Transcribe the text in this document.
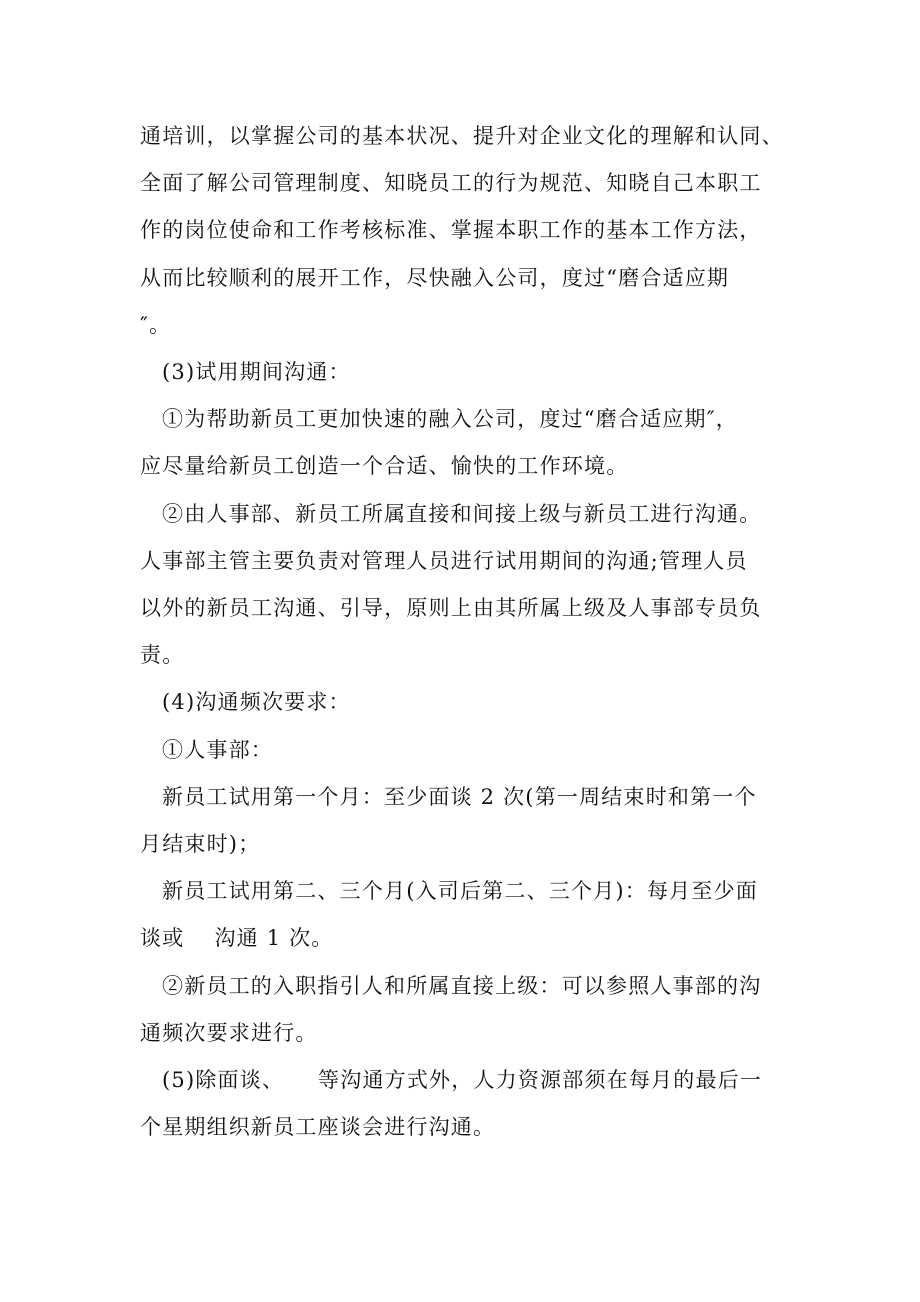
通培训，以掌握公司的基本状况、提升对企业文化的理解和认同、
全面了解公司管理制度、知晓员工的行为规范、知晓自己本职工
作的岗位使命和工作考核标准、掌握本职工作的基本工作方法，
从而比较顺利的展开工作，尽快融入公司，度过“磨合适应期
″。
(3)试用期间沟通：
①为帮助新员工更加快速的融入公司，度过“磨合适应期″，
应尽量给新员工创造一个合适、愉快的工作环境。
②由人事部、新员工所属直接和间接上级与新员工进行沟通。
人事部主管主要负责对管理人员进行试用期间的沟通;管理人员
以外的新员工沟通、引导，原则上由其所属上级及人事部专员负
责。
(4)沟通频次要求：
①人事部：
新员工试用第一个月：至少面谈 2 次(第一周结束时和第一个
月结束时)；
新员工试用第二、三个月(入司后第二、三个月)：每月至少面
谈或　 沟通 1 次。
②新员工的入职指引人和所属直接上级：可以参照人事部的沟
通频次要求进行。
(5)除面谈、　　等沟通方式外，人力资源部须在每月的最后一
个星期组织新员工座谈会进行沟通。
